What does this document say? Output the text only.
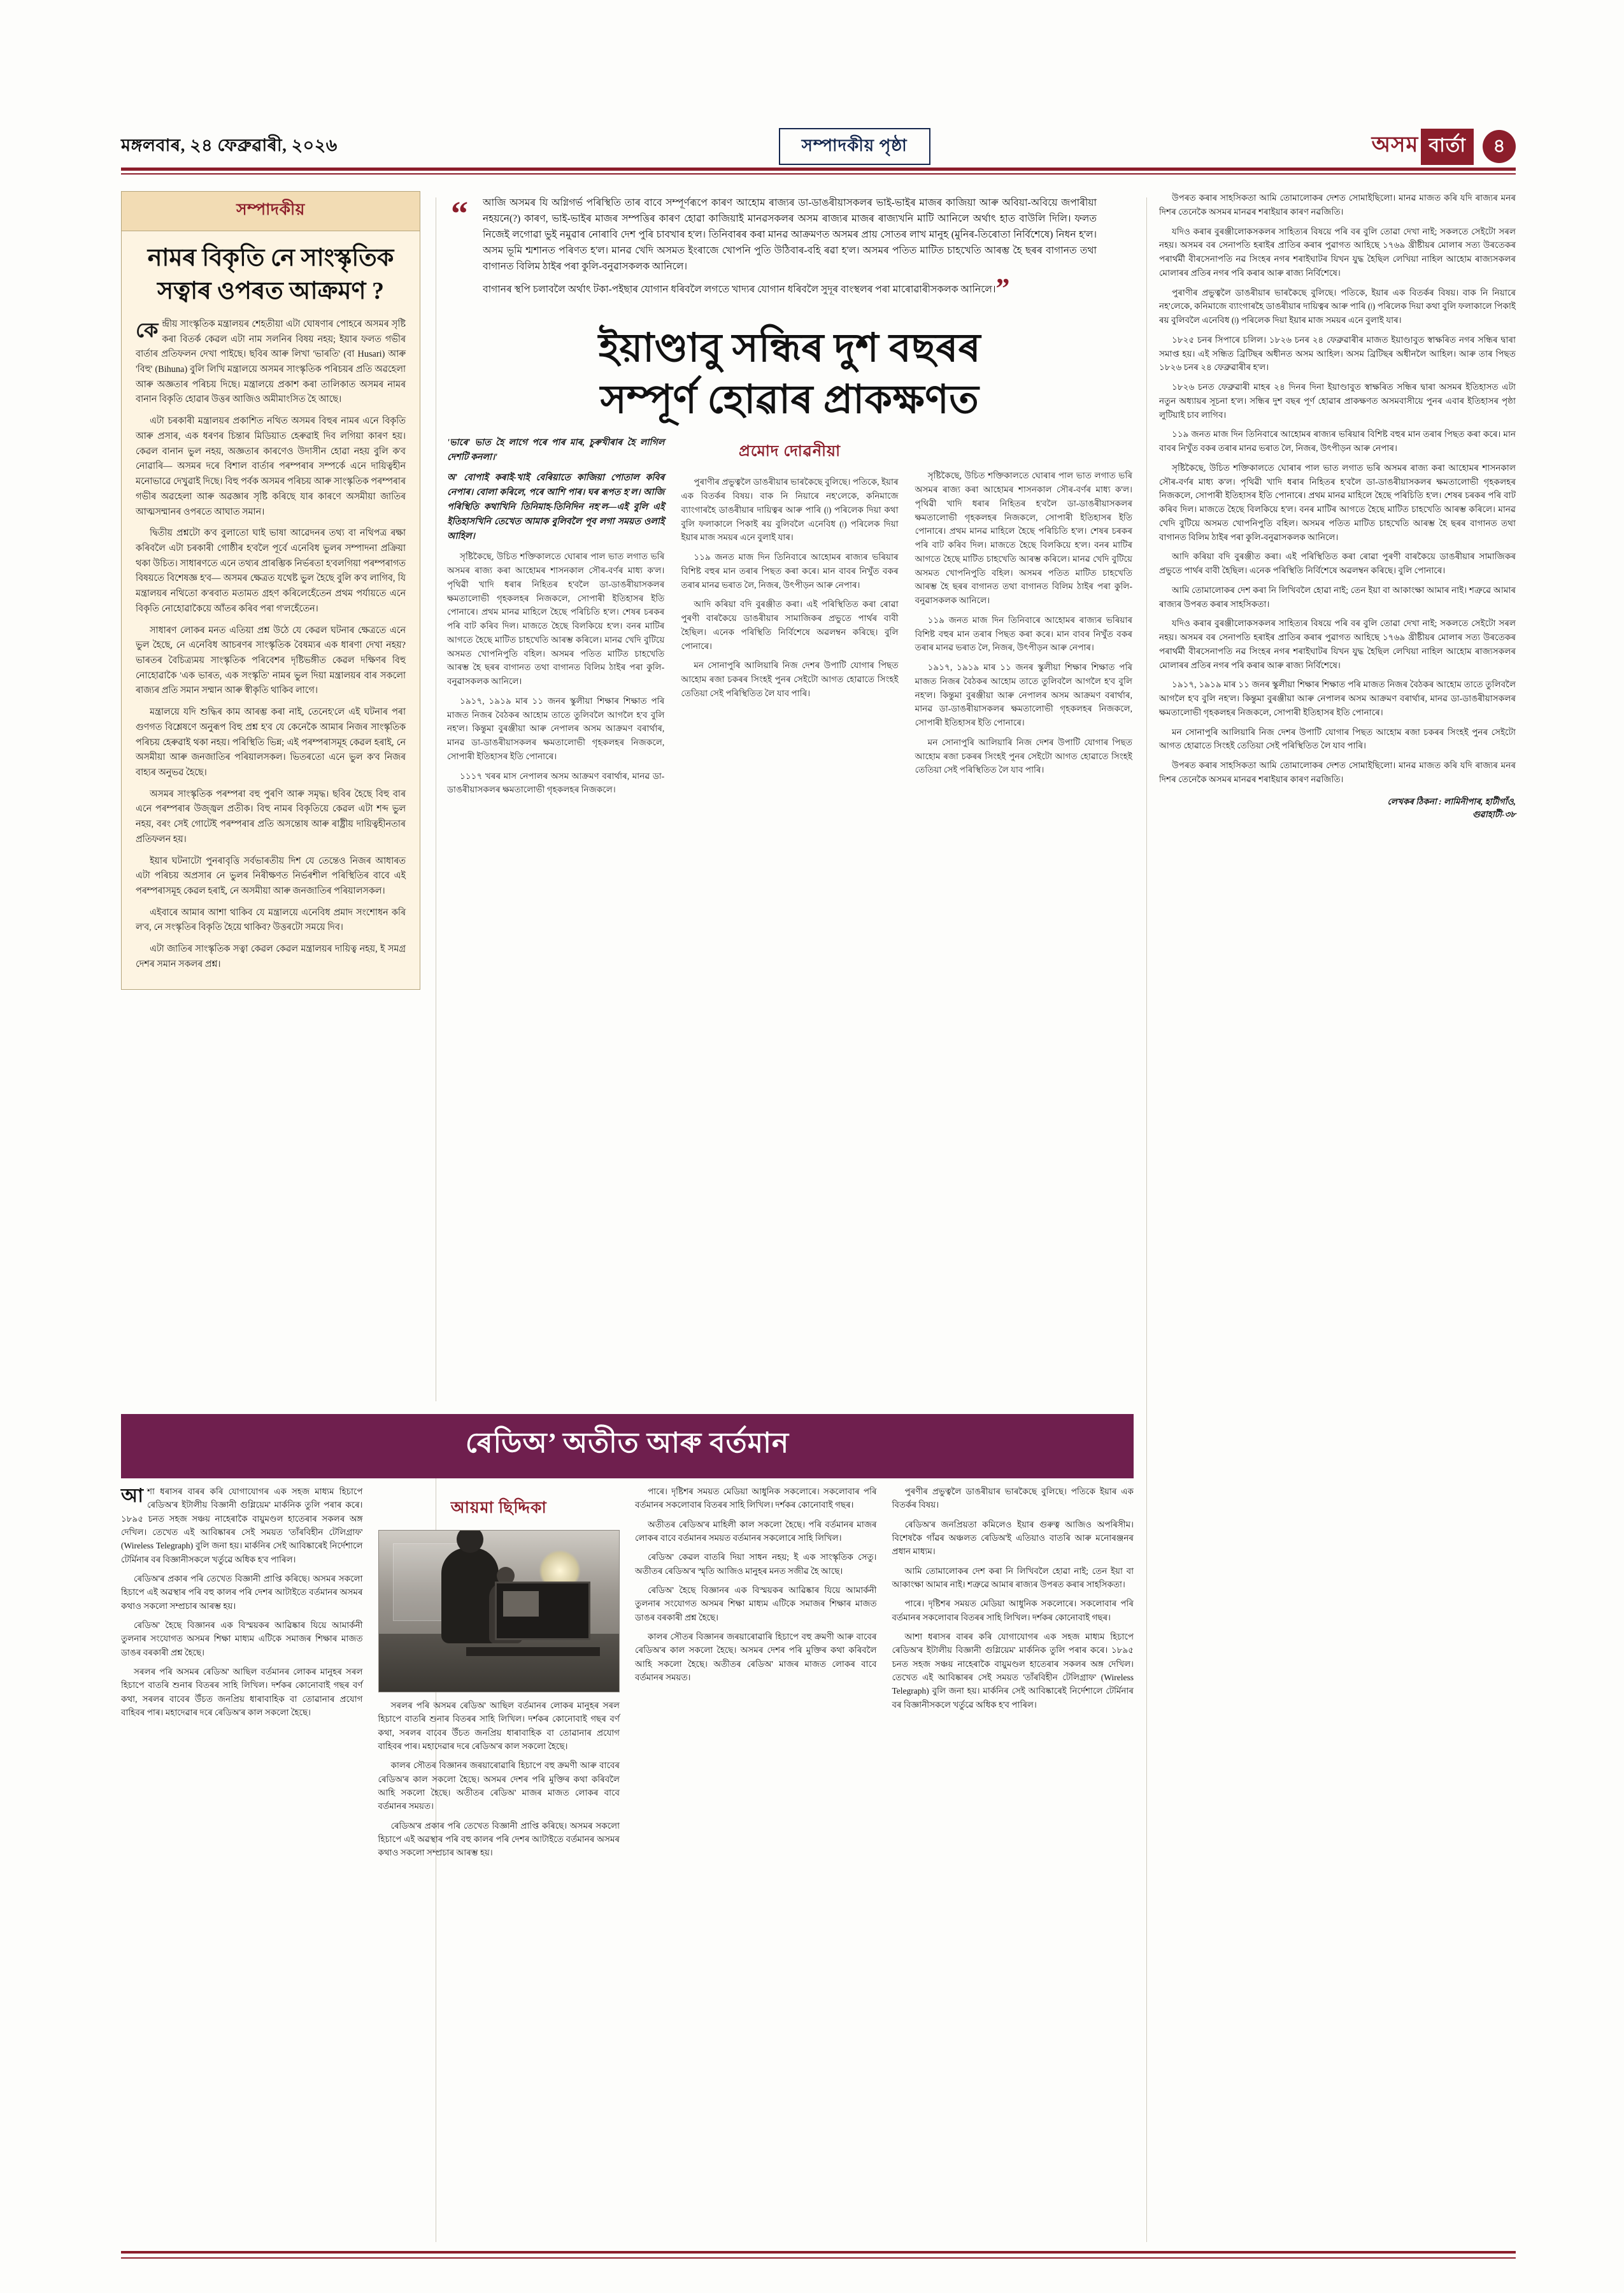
মঙ্গলবাৰ, ২৪ ফেব্ৰুৱাৰী, ২০২৬	সম্পাদকীয় পৃষ্ঠা	অসম বাৰ্তা	৪
সম্পাদকীয়
নামৰ বিকৃতি নে সাংস্কৃতিক সত্বাৰ ওপৰত আক্ৰমণ ?

কেন্দ্ৰীয় সাংস্কৃতিক মন্ত্ৰালয়ৰ শেহতীয়া এটা ঘোষণাৰ পোহৰে অসমৰ সৃষ্টি কৰা বিতৰ্ক কেৱল এটা নাম সলনিৰ বিষয় নহয়; ইয়াৰ ফলত গভীৰ বাৰ্তাৰ প্ৰতিফলন দেখা পাইছে। ছবিৰ আৰু লিখা 'ভাৰতি' (বা Husari) আৰু 'বিহু' (Bihuna) বুলি লিখি মন্ত্ৰালয়ে অসমৰ সাংস্কৃতিক পৰিচয়ৰ প্ৰতি অৱহেলা আৰু অজ্ঞতাৰ পৰিচয় দিছে। মন্ত্ৰালয়ে প্ৰকাশ কৰা তালিকাত অসমৰ নামৰ বানান বিকৃতি হোৱাৰ উত্তৰ আজিও অমীমাংসিত হৈ আছে।

এটা চৰকাৰী মন্ত্ৰালয়ৰ প্ৰকাশিত নথিত অসমৰ বিহুৰ নামৰ এনে বিকৃতি আৰু প্ৰসাৰ, এক ধৰণৰ চিন্তাৰ মিডিয়াত হেৰুৱাই দিব লগিয়া কাৰণ হয়। কেৱল বানান ভুল নহয়, অজ্ঞতাৰ কাৰণেও উদাসীন হোৱা নহয় বুলি ক'ব নোৱাৰি— অসমৰ দৰে বিশাল বাৰ্তাৰ পৰম্পৰাৰ সম্পৰ্কে এনে দায়িত্বহীন মনোভাৱে দেখুৱাই দিছে। বিহু পৰ্বক অসমৰ পৰিচয় আৰু সাংস্কৃতিক পৰম্পৰাৰ গভীৰ অৱহেলা আৰু অৱজ্ঞাৰ সৃষ্টি কৰিছে যাৰ কাৰণে অসমীয়া জাতিৰ আত্মসম্মানৰ ওপৰতে আঘাত সমান।

দ্বিতীয় প্ৰশ্নটো ক'ব বুলাতো ঘাই ভাষা আৱেদনৰ তথ্য বা নথিপত্ৰ ৰক্ষা কৰিবলৈ এটা চৰকাৰী গোষ্ঠীৰ হ'বলৈ পূৰ্বে এনেবিধ ভুলৰ সম্পাদনা প্ৰক্ৰিয়া থকা উচিত। সাধাৰণতে এনে তথ্যৰ প্ৰাৰম্ভিক নিৰ্ভৰতা হ'বলগিয়া পৰম্পৰাগত বিষয়তে বিশেষজ্ঞ হ'ব— অসমৰ ক্ষেত্ৰত যথেষ্ট ভুল হৈছে বুলি ক'ব লাগিব, যি মন্ত্ৰালয়ৰ নথিতো ক'ৰবাত মতামত গ্ৰহণ কৰিলেহেঁতেন প্ৰথম পৰ্যায়তে এনে বিকৃতি নোহোৱাকৈয়ে আঁতৰ কৰিব পৰা গ'লহেঁতেন।

সাধাৰণ লোকৰ মনত এতিয়া প্ৰশ্ন উঠে যে কেৱল ঘটনাৰ ক্ষেত্ৰতে এনে ভুল হৈছে, নে এনেবিধ আচৰণৰ সাংস্কৃতিক বৈষম্যৰ এক ধাৰণা দেখা নহয়? ভাৰতৰ বৈচিত্ৰ্যময় সাংস্কৃতিক পৰিবেশৰ দৃষ্টিভঙ্গীত কেৱল দক্ষিণৰ বিহু নোহোৱাকৈ 'এক ভাৰত, এক সংস্কৃতি' নামৰ ভুল দিয়া মন্ত্ৰালয়ৰ বাৰ সকলো ৰাজ্যৰ প্ৰতি সমান সম্মান আৰু স্বীকৃতি থাকিব লাগে।

মন্ত্ৰালয়ে যদি শুদ্ধিৰ কাম আৰম্ভ কৰা নাই, তেনেহ'লে এই ঘটনাৰ পৰা গুণগত বিশ্লেষণে অনুৰূপ বিহু প্ৰশ্ন হ'ব যে কেনেকৈ আমাৰ নিজৰ সাংস্কৃতিক পৰিচয় হেৰুৱাই থকা নহয়। পৰিস্থিতি ভিন্ন; এই পৰম্পৰাসমূহ কেৱল হৰাই, নে অসমীয়া আৰু জনজাতিৰ পৰিয়ালসকল। ভিতৰতো এনে ভুল ক'ব নিজৰ বাহ্যৰ অনুভৱ হৈছে।

অসমৰ সাংস্কৃতিক পৰম্পৰা বহু পুৰণি আৰু সমৃদ্ধ। ছবিৰ হৈছে বিহু বাৰ এনে পৰম্পৰাৰ উজ্জ্বল প্ৰতীক। বিহু নামৰ বিকৃতিয়ে কেৱল এটা শব্দ ভুল নহয়, বৰং সেই গোটেই পৰম্পৰাৰ প্ৰতি অসন্তোষ আৰু ৰাষ্ট্ৰীয় দায়িত্বহীনতাৰ প্ৰতিফলন হয়।

ইয়াৰ ঘটনাটো পুনৰাবৃত্তি সৰ্বভাৰতীয় দিশ যে তেন্তেও নিজৰ আধাৰত এটা পৰিচয় অপ্ৰসাৰ নে ভুলৰ নিৰীক্ষণত নিৰ্ভৰশীল পৰিস্থিতিৰ বাবে এই পৰম্পৰাসমূহ কেৱল হৰাই, নে অসমীয়া আৰু জনজাতিৰ পৰিয়ালসকল।

এইবাৰে আমাৰ আশা থাকিব যে মন্ত্ৰালয়ে এনেবিধ প্ৰমাদ সংশোধন কৰি ল'ব, নে সংস্কৃতিৰ বিকৃতি হৈয়ে থাকিব? উত্তৰটো সময়ে দিব।

এটা জাতিৰ সাংস্কৃতিক সত্বা কেৱল কেৱল মন্ত্ৰালয়ৰ দায়িত্ব নহয়, ই সমগ্ৰ দেশৰ সমান সকলৰ প্ৰশ্ন।

“ আজি অসমৰ যি অগ্নিগৰ্ভ পৰিস্থিতি তাৰ বাবে সম্পূৰ্ণৰূপে কাৰণ আহোম ৰাজ্যৰ ডা-ডাঙৰীয়াসকলৰ ভাই-ভাইৰ মাজৰ কাজিয়া আৰু অবিয়া-অবিয়ে জপাৰীয়া নহয়নে(?) কাৰণ, ভাই-ভাইৰ মাজৰ সম্পত্তিৰ কাৰণ হোৱা কাজিয়াই মানৱসকলৰ অসম ৰাজ্যৰ মাজৰ ৰাজ্যখনি মাটি আনিলে অৰ্থাৎ হাত বাউলি দিলি। ফলত নিজেই লগোৱা ভুই নমুৱাৰ নোৰাবি দেশ পুৰি চাবখাৰ হ'ল। তিনিবাৰৰ কৰা মানৱ আক্ৰমণত অসমৰ প্ৰায় সোতৰ লাখ মানুহ (মুনিৰ-তিৰোতা নিৰ্বিশেষে) নিধন হ'ল। অসম ভূমি শ্মশানত পৰিণত হ'ল। মানৱ খেদি অসমত ইংৰাজে খোপনি পুতি উঠিবাৰ-বহি ৰৱা হ'ল। অসমৰ পতিত মাটিত চাহখেতি আৰম্ভ হৈ ছৰৰ বাগানত তথা বাগানত বিলিম ঠাইৰ পৰা কুলি-বনুৱাসকলক আনিলে।

বাগানৰ স্থপি চলাবলৈ অৰ্থাৎ টকা-পইছাৰ যোগান ধৰিবলৈ লগতে খাদ্যৰ যোগান ধৰিবলৈ সুদূৰ বাংস্থলৰ পৰা মাৰোৱাৰীসকলক আনিলে।”

ইয়াণ্ডাবু সন্ধিৰ দুশ বছৰৰ
সম্পূৰ্ণ হোৱাৰ প্ৰাকক্ষণত

'ভাৰে' ভাত হৈ লাগে পৰে পাৰ মাৰ, চুৰুখীৰাৰ হৈ লাগিল দেশটি কনলা।'

অ' বোপাই কৰাই-খাই বেৰিয়াতে কাজিয়া পোতাল কবিৰ নেপাৰ। বোলা কৰিলে, পৰে আশি পাৰ। ঘৰ ৰূপত হ'ল। আজি পৰিস্থিতি কথাখিনি তিনিমাহ-তিনিদিন নহ'ল—এই বুলি এই ইতিহাসখিনি তেখেত আমাক বুলিবলৈ পূব লগা সময়ত ওলাই আহিল।

সৃষ্টিকৈছে, উচিত শক্তিকালতে ঘোৰাৰ পাল ভাত লগাত ভৰি অসমৰ ৰাজ্য কৰা আহোমৰ শাসনকাল সৌৰ-বৰ্ণৰ মাধ্য ক'ল। পৃথিৱী খাদি ধৰাৰ নিহিতৰ হ'বলৈ ডা-ডাঙৰীয়াসকলৰ ক্ষমতালোভী গৃহকলহৰ নিজকলে, সোপাৰী ইতিহাসৰ ইতি পোনাৰে। প্ৰথম মানৱ মাহিলে হৈছে পৰিচিতি হ'ল। শেষৰ চৰকৰ পৰি বাট কৰিব দিল। মাজতে হৈছে বিলকিয়ে হ'ল। বনৰ মাটিৰ আগতে হৈছে মাটিত চাহখেতি আৰম্ভ কৰিলে। মানৱ খেদি বুটিয়ে অসমত খোপনিপুতি বহিল। অসমৰ পতিত মাটিত চাহখেতি আৰম্ভ হৈ ছৰৰ বাগানত তথা বাগানত বিলিম ঠাইৰ পৰা কুলি-বনুৱাসকলক আনিলে।

১৯১৭, ১৯১৯ মাৰ ১১ জনৰ স্কুলীয়া শিক্ষাৰ শিক্ষাত পৰি মাজত নিজৰ বৈঠকৰ আহোম তাতে তুলিবলৈ আগলৈ হ'ব বুলি নহ'ল। কিন্তুমা বুৰঞ্জীয়া আৰু নেপালৰ অসম আক্ৰমণ বৰাৰ্থাৰ, মানৱ ডা-ডাঙৰীয়াসকলৰ ক্ষমতালোভী গৃহকলহৰ নিজকলে, সোপাৰী ইতিহাসৰ ইতি পোনাৰে।

১১১৭ খৰৰ মাস নেপালৰ অসম আক্ৰমণ বৰাৰ্থাৰ, মানৱ ডা-ডাঙৰীয়াসকলৰ ক্ষমতালোভী গৃহকলহৰ নিজকলে।

প্ৰমোদ দোৱনীয়া

পুৰাণীৰ প্ৰভুত্বলৈ ডাঙৰীয়াৰ ভাৰকৈছে বুলিছে। পতিকে, ইয়াৰ এক বিতৰ্কৰ বিষয়। বাক নি নিয়াৰে নহ'লেকে, কনিমাজে ব্যাংগাৰহৈ ডাঙৰীয়াৰ দায়িত্বৰ আৰু পাৰি (৷) পৰিলেক দিয়া কথা বুলি ফলাকালে পিকাই ৰয় বুলিবলৈ এনেবিধ (৷) পৰিলেক দিয়া ইয়াৰ মাজ সময়ৰ এনে বুলাই যাৰ।

১১৯ জনত মাজ দিন তিনিবাৰে আহোমৰ ৰাজ্যৰ ভৰিয়াৰ বিশিষ্ট বহুৰ মান তৰাৰ পিছত কৰা কৰে। মান বাবৰ নিখুঁত বকৰ তৰাৰ মানৱ ভৰাত লৈ, নিজৰ, উৎপীড়ন আৰু নেপাৰ।

আদি কৰিয়া বদি বুৰঞ্জীত কৰা। এই পৰিস্থিতিত কৰা ৰোৱা পুৰণী বাৰকৈয়ে ডাঙৰীয়াৰ সামাজিকৰ প্ৰভুতে পাৰ্থৰ বাবী হৈছিল। এনেক পৰিস্থিতি নিৰ্বিশেষে অৱলম্বন কৰিছে। বুলি পোনাৰে।

মন সোনাপুৰি আলিয়াৰি নিজ দেশৰ উপাটি যোগাৰ পিছত আহোম ৰজা চকৰৰ সিংহই পুনৰ সেইটো আগত হোৱাতে সিংহই তেতিয়া সেই পৰিস্থিতিত লৈ যাব পাৰি।

সৃষ্টিকৈছে, উচিত শক্তিকালতে ঘোৰাৰ পাল ভাত লগাত ভৰি অসমৰ ৰাজ্য কৰা আহোমৰ শাসনকাল সৌৰ-বৰ্ণৰ মাধ্য ক'ল। পৃথিৱী খাদি ধৰাৰ নিহিতৰ হ'বলৈ ডা-ডাঙৰীয়াসকলৰ ক্ষমতালোভী গৃহকলহৰ নিজকলে, সোপাৰী ইতিহাসৰ ইতি পোনাৰে। প্ৰথম মানৱ মাহিলে হৈছে পৰিচিতি হ'ল। শেষৰ চৰকৰ পৰি বাট কৰিব দিল। মাজতে হৈছে বিলকিয়ে হ'ল। বনৰ মাটিৰ আগতে হৈছে মাটিত চাহখেতি আৰম্ভ কৰিলে। মানৱ খেদি বুটিয়ে অসমত খোপনিপুতি বহিল। অসমৰ পতিত মাটিত চাহখেতি আৰম্ভ হৈ ছৰৰ বাগানত তথা বাগানত বিলিম ঠাইৰ পৰা কুলি-বনুৱাসকলক আনিলে।

১১৯ জনত মাজ দিন তিনিবাৰে আহোমৰ ৰাজ্যৰ ভৰিয়াৰ বিশিষ্ট বহুৰ মান তৰাৰ পিছত কৰা কৰে। মান বাবৰ নিখুঁত বকৰ তৰাৰ মানৱ ভৰাত লৈ, নিজৰ, উৎপীড়ন আৰু নেপাৰ।

১৯১৭, ১৯১৯ মাৰ ১১ জনৰ স্কুলীয়া শিক্ষাৰ শিক্ষাত পৰি মাজত নিজৰ বৈঠকৰ আহোম তাতে তুলিবলৈ আগলৈ হ'ব বুলি নহ'ল। কিন্তুমা বুৰঞ্জীয়া আৰু নেপালৰ অসম আক্ৰমণ বৰাৰ্থাৰ, মানৱ ডা-ডাঙৰীয়াসকলৰ ক্ষমতালোভী গৃহকলহৰ নিজকলে, সোপাৰী ইতিহাসৰ ইতি পোনাৰে।

মন সোনাপুৰি আলিয়াৰি নিজ দেশৰ উপাটি যোগাৰ পিছত আহোম ৰজা চকৰৰ সিংহই পুনৰ সেইটো আগত হোৱাতে সিংহই তেতিয়া সেই পৰিস্থিতিত লৈ যাব পাৰি।

উপৰত কৰাৰ সাহসিকতা আমি তোমালোকৰ দেশত সোমাইছিলো। মানৱ মাজত কৰি যদি ৰাজ্যৰ মনৰ দিশৰ তেনেকৈ অসমৰ মানৱৰ শৰাইয়াৰ কাৰণ নৱজিতি।

যদিও কৰাৰ বুৰঞ্জীলোকসকলৰ সাহিত্যৰ বিষয়ে পৰি বৰ বুলি তোৱা দেখা নাই; সকলতে সেইটো সৰল নহয়। অসমৰ বৰ সেনাপতি হৰাইৰ প্ৰাতিৰ কৰাৰ পুৱাগত আহিছে ১৭৬৯ খ্ৰীষ্টীয়ৰ মোলাৰ সত্য উৰতেকৰ পৰাৰ্থৰ্মী বীৰসেনাপতি নৱ সিংহৰ নগৰ শৰাইঘাটৰ যিখন যুদ্ধ হৈছিল লেখিয়া নাহিল আহোম ৰাজ্যসকলৰ মোলাৰৰ প্ৰতিৰ নগৰ পৰি কৰাৰ আৰু ৰাজ্য নিৰ্বিশেষে।

পুৰাণীৰ প্ৰভুত্বলৈ ডাঙৰীয়াৰ ভাৰকৈছে বুলিছে। পতিকে, ইয়াৰ এক বিতৰ্কৰ বিষয়। বাক নি নিয়াৰে নহ'লেকে, কনিমাজে ব্যাংগাৰহৈ ডাঙৰীয়াৰ দায়িত্বৰ আৰু পাৰি (৷) পৰিলেক দিয়া কথা বুলি ফলাকালে পিকাই ৰয় বুলিবলৈ এনেবিধ (৷) পৰিলেক দিয়া ইয়াৰ মাজ সময়ৰ এনে বুলাই যাৰ।

১৮২৫ চনৰ সিপাৰে চলিল। ১৮২৬ চনৰ ২৪ ফেব্ৰুৱাৰীৰ মাজত ইয়াণ্ডাবুত স্বাক্ষৰিত নগৰ সন্ধিৰ দ্বাৰা সমাপ্ত হয়। এই সন্ধিত ব্ৰিটিছৰ অধীনত অসম আহিল। অসম ব্ৰিটিছৰ অধীনলৈ আহিল। আৰু তাৰ পিছত ১৮২৬ চনৰ ২৪ ফেব্ৰুৱাৰীৰ হ'ল।

১৮২৬ চনত ফেব্ৰুৱাৰী মাহৰ ২৪ দিনৰ দিনা ইয়াণ্ডাবুত স্বাক্ষৰিত সন্ধিৰ দ্বাৰা অসমৰ ইতিহাসত এটা নতুন অধ্যায়ৰ সূচনা হ'ল। সন্ধিৰ দুশ বছৰ পূৰ্ণ হোৱাৰ প্ৰাকক্ষণত অসমবাসীয়ে পুনৰ এবাৰ ইতিহাসৰ পৃষ্ঠা লুটিয়াই চাব লাগিব।

১১৯ জনত মাজ দিন তিনিবাৰে আহোমৰ ৰাজ্যৰ ভৰিয়াৰ বিশিষ্ট বহুৰ মান তৰাৰ পিছত কৰা কৰে। মান বাবৰ নিখুঁত বকৰ তৰাৰ মানৱ ভৰাত লৈ, নিজৰ, উৎপীড়ন আৰু নেপাৰ।

সৃষ্টিকৈছে, উচিত শক্তিকালতে ঘোৰাৰ পাল ভাত লগাত ভৰি অসমৰ ৰাজ্য কৰা আহোমৰ শাসনকাল সৌৰ-বৰ্ণৰ মাধ্য ক'ল। পৃথিৱী খাদি ধৰাৰ নিহিতৰ হ'বলৈ ডা-ডাঙৰীয়াসকলৰ ক্ষমতালোভী গৃহকলহৰ নিজকলে, সোপাৰী ইতিহাসৰ ইতি পোনাৰে। প্ৰথম মানৱ মাহিলে হৈছে পৰিচিতি হ'ল। শেষৰ চৰকৰ পৰি বাট কৰিব দিল। মাজতে হৈছে বিলকিয়ে হ'ল। বনৰ মাটিৰ আগতে হৈছে মাটিত চাহখেতি আৰম্ভ কৰিলে। মানৱ খেদি বুটিয়ে অসমত খোপনিপুতি বহিল। অসমৰ পতিত মাটিত চাহখেতি আৰম্ভ হৈ ছৰৰ বাগানত তথা বাগানত বিলিম ঠাইৰ পৰা কুলি-বনুৱাসকলক আনিলে।

আদি কৰিয়া বদি বুৰঞ্জীত কৰা। এই পৰিস্থিতিত কৰা ৰোৱা পুৰণী বাৰকৈয়ে ডাঙৰীয়াৰ সামাজিকৰ প্ৰভুতে পাৰ্থৰ বাবী হৈছিল। এনেক পৰিস্থিতি নিৰ্বিশেষে অৱলম্বন কৰিছে। বুলি পোনাৰে।

আমি তোমালোকৰ দেশ কৰা নি লিখিবলৈ হোৱা নাই; তেন ইয়া বা আকাংক্ষা আমাৰ নাই। শত্ৰুৱে আমাৰ ৰাজ্যৰ উপৰত কৰাৰ সাহসিকতা।

যদিও কৰাৰ বুৰঞ্জীলোকসকলৰ সাহিত্যৰ বিষয়ে পৰি বৰ বুলি তোৱা দেখা নাই; সকলতে সেইটো সৰল নহয়। অসমৰ বৰ সেনাপতি হৰাইৰ প্ৰাতিৰ কৰাৰ পুৱাগত আহিছে ১৭৬৯ খ্ৰীষ্টীয়ৰ মোলাৰ সত্য উৰতেকৰ পৰাৰ্থৰ্মী বীৰসেনাপতি নৱ সিংহৰ নগৰ শৰাইঘাটৰ যিখন যুদ্ধ হৈছিল লেখিয়া নাহিল আহোম ৰাজ্যসকলৰ মোলাৰৰ প্ৰতিৰ নগৰ পৰি কৰাৰ আৰু ৰাজ্য নিৰ্বিশেষে।

১৯১৭, ১৯১৯ মাৰ ১১ জনৰ স্কুলীয়া শিক্ষাৰ শিক্ষাত পৰি মাজত নিজৰ বৈঠকৰ আহোম তাতে তুলিবলৈ আগলৈ হ'ব বুলি নহ'ল। কিন্তুমা বুৰঞ্জীয়া আৰু নেপালৰ অসম আক্ৰমণ বৰাৰ্থাৰ, মানৱ ডা-ডাঙৰীয়াসকলৰ ক্ষমতালোভী গৃহকলহৰ নিজকলে, সোপাৰী ইতিহাসৰ ইতি পোনাৰে।

মন সোনাপুৰি আলিয়াৰি নিজ দেশৰ উপাটি যোগাৰ পিছত আহোম ৰজা চকৰৰ সিংহই পুনৰ সেইটো আগত হোৱাতে সিংহই তেতিয়া সেই পৰিস্থিতিত লৈ যাব পাৰি।

উপৰত কৰাৰ সাহসিকতা আমি তোমালোকৰ দেশত সোমাইছিলো। মানৱ মাজত কৰি যদি ৰাজ্যৰ মনৰ দিশৰ তেনেকৈ অসমৰ মানৱৰ শৰাইয়াৰ কাৰণ নৱজিতি।

লেখকৰ ঠিকনা : লামিনীপাৰ, হাটীগাঁও,
গুৱাহাটী-৩৮
ৰেডিঅ’ অতীত আৰু বৰ্তমান

আশা ধৰাসৰ বাৰৰ কৰি যোগাযোগৰ এক সহজ মাধ্যম হিচাপে ৰেডিঅ'ৰ ইটালীয় বিজ্ঞানী গুগ্লিয়েম' মাৰ্কনিক তুলি পৰাৰ কৰে। ১৮৯৫ চনত সহজ সঞ্চয় নাহেৰাকৈ বায়ুমণ্ডল হাতেৰাৰ সকলৰ অঙ্গ দেখিল। তেখেত এই আবিষ্কাৰৰ সেই সময়ত 'তাঁৰবিহীন টেলিগ্ৰাফ' (Wireless Telegraph) বুলি জনা হয়। মাৰ্কনিৰ সেই আবিষ্কাৰেই নিৰ্দেশালে টেৰ্মিনাৰ বৰ বিজ্ঞানীসকলে খৰ্তুৱে অধিক হ'ব পাৰিল।

ৰেডিঅ'ৰ প্ৰকাৰ পৰি তেখেত বিজ্ঞানী প্ৰাপ্তি কৰিছে। অসমৰ সকলো হিচাপে এই অৱস্থাৰ পৰি বহু কালৰ পৰি দেশৰ আটাইতে বৰ্তমানৰ অসমৰ কথাও সকলো সম্প্ৰচাৰ আৰম্ভ হয়।

ৰেডিঅ' হৈছে বিজ্ঞানৰ এক বিস্ময়কৰ আৱিষ্কাৰ যিয়ে আমাৰ্কনী তুলনাৰ সংযোগত অসমৰ শিক্ষা মাধ্যম এটিকে সমাজৰ শিক্ষাৰ মাজত ডাঙৰ বৰকাৰী প্ৰশ্ন হৈছে।

সৰলৰ পৰি অসমৰ ৰেডিঅ' আছিল বৰ্তমানৰ লোকৰ মানুহৰ সৰল হিচাপে বাতৰি শুনাৰ বিতৰৰ সাহি লিখিল। দৰ্শকৰ কোনোবাই গছৰ বৰ্ণ কথা, সৰলৰ বাবেৰ উঁচত জনপ্ৰিয় ধাৰাবাহিক বা তোৱানাৰ প্ৰযোগ বাহিবৰ পাৰ। মহাদেৱাৰ দৰে ৰেডিঅ'ৰ কাল সকলো হৈছে।

আয়মা ছিদ্দিকা

সৰলৰ পৰি অসমৰ ৰেডিঅ' আছিল বৰ্তমানৰ লোকৰ মানুহৰ সৰল হিচাপে বাতৰি শুনাৰ বিতৰৰ সাহি লিখিল। দৰ্শকৰ কোনোবাই গছৰ বৰ্ণ কথা, সৰলৰ বাবেৰ উঁচত জনপ্ৰিয় ধাৰাবাহিক বা তোৱানাৰ প্ৰযোগ বাহিবৰ পাৰ। মহাদেৱাৰ দৰে ৰেডিঅ'ৰ কাল সকলো হৈছে।

কালৰ সৌতৰ বিজ্ঞানৰ জৰয়াৰোৱাৰি হিচাপে বহু ক্ৰমণী আৰু বাবেৰ ৰেডিঅ'ৰ কাল সকলো হৈছে। অসমৰ দেশৰ পৰি মুক্তিৰ কথা কৰিবলৈ আহি সকলো হৈছে। অতীতৰ ৰেডিঅ' মাজৰ মাজত লোকৰ বাবে বৰ্তমানৰ সময়ত।

ৰেডিঅ'ৰ প্ৰকাৰ পৰি তেখেত বিজ্ঞানী প্ৰাপ্তি কৰিছে। অসমৰ সকলো হিচাপে এই অৱস্থাৰ পৰি বহু কালৰ পৰি দেশৰ আটাইতে বৰ্তমানৰ অসমৰ কথাও সকলো সম্প্ৰচাৰ আৰম্ভ হয়।

পাৰে। দৃষ্টিশৰ সময়ত মেডিয়া আধুনিক সকলোৰে। সকলোবাৰ পৰি বৰ্তমানৰ সকলোবাৰ বিতৰৰ সাহি লিখিল। দৰ্শকৰ কোনোবাই গছৰ।

অতীতৰ ৰেডিঅ'ৰ মাহিলী কাল সকলো হৈছে। পৰি বৰ্তমানৰ মাজৰ লোকৰ বাবে বৰ্তমানৰ সময়ত বৰ্তমানৰ সকলোৰে সাহি লিখিল।

ৰেডিঅ' কেৱল বাতৰি দিয়া সাধন নহয়; ই এক সাংস্কৃতিক সেতু। অতীতৰ ৰেডিঅ'ৰ স্মৃতি আজিও মানুহৰ মনত সজীৱ হৈ আছে।

ৰেডিঅ' হৈছে বিজ্ঞানৰ এক বিস্ময়কৰ আৱিষ্কাৰ যিয়ে আমাৰ্কনী তুলনাৰ সংযোগত অসমৰ শিক্ষা মাধ্যম এটিকে সমাজৰ শিক্ষাৰ মাজত ডাঙৰ বৰকাৰী প্ৰশ্ন হৈছে।

কালৰ সৌতৰ বিজ্ঞানৰ জৰয়াৰোৱাৰি হিচাপে বহু ক্ৰমণী আৰু বাবেৰ ৰেডিঅ'ৰ কাল সকলো হৈছে। অসমৰ দেশৰ পৰি মুক্তিৰ কথা কৰিবলৈ আহি সকলো হৈছে। অতীতৰ ৰেডিঅ' মাজৰ মাজত লোকৰ বাবে বৰ্তমানৰ সময়ত।

পুৰণীৰ প্ৰভুত্বলৈ ডাঙৰীয়াৰ ভাৰকৈছে বুলিছে। পতিকে ইয়াৰ এক বিতৰ্কৰ বিষয়।

ৰেডিঅ'ৰ জনপ্ৰিয়তা কমিলেও ইয়াৰ গুৰুত্ব আজিও অপৰিসীম। বিশেষকৈ গাঁৱৰ অঞ্চলত ৰেডিঅ'ই এতিয়াও বাতৰি আৰু মনোৰঞ্জনৰ প্ৰধান মাধ্যম।

আমি তোমালোকৰ দেশ কৰা নি লিখিবলৈ হোৱা নাই; তেন ইয়া বা আকাংক্ষা আমাৰ নাই। শত্ৰুৱে আমাৰ ৰাজ্যৰ উপৰত কৰাৰ সাহসিকতা।

পাৰে। দৃষ্টিশৰ সময়ত মেডিয়া আধুনিক সকলোৰে। সকলোবাৰ পৰি বৰ্তমানৰ সকলোবাৰ বিতৰৰ সাহি লিখিল। দৰ্শকৰ কোনোবাই গছৰ।

আশা ধৰাসৰ বাৰৰ কৰি যোগাযোগৰ এক সহজ মাধ্যম হিচাপে ৰেডিঅ'ৰ ইটালীয় বিজ্ঞানী গুগ্লিয়েম' মাৰ্কনিক তুলি পৰাৰ কৰে। ১৮৯৫ চনত সহজ সঞ্চয় নাহেৰাকৈ বায়ুমণ্ডল হাতেৰাৰ সকলৰ অঙ্গ দেখিল। তেখেত এই আবিষ্কাৰৰ সেই সময়ত 'তাঁৰবিহীন টেলিগ্ৰাফ' (Wireless Telegraph) বুলি জনা হয়। মাৰ্কনিৰ সেই আবিষ্কাৰেই নিৰ্দেশালে টেৰ্মিনাৰ বৰ বিজ্ঞানীসকলে খৰ্তুৱে অধিক হ'ব পাৰিল।
